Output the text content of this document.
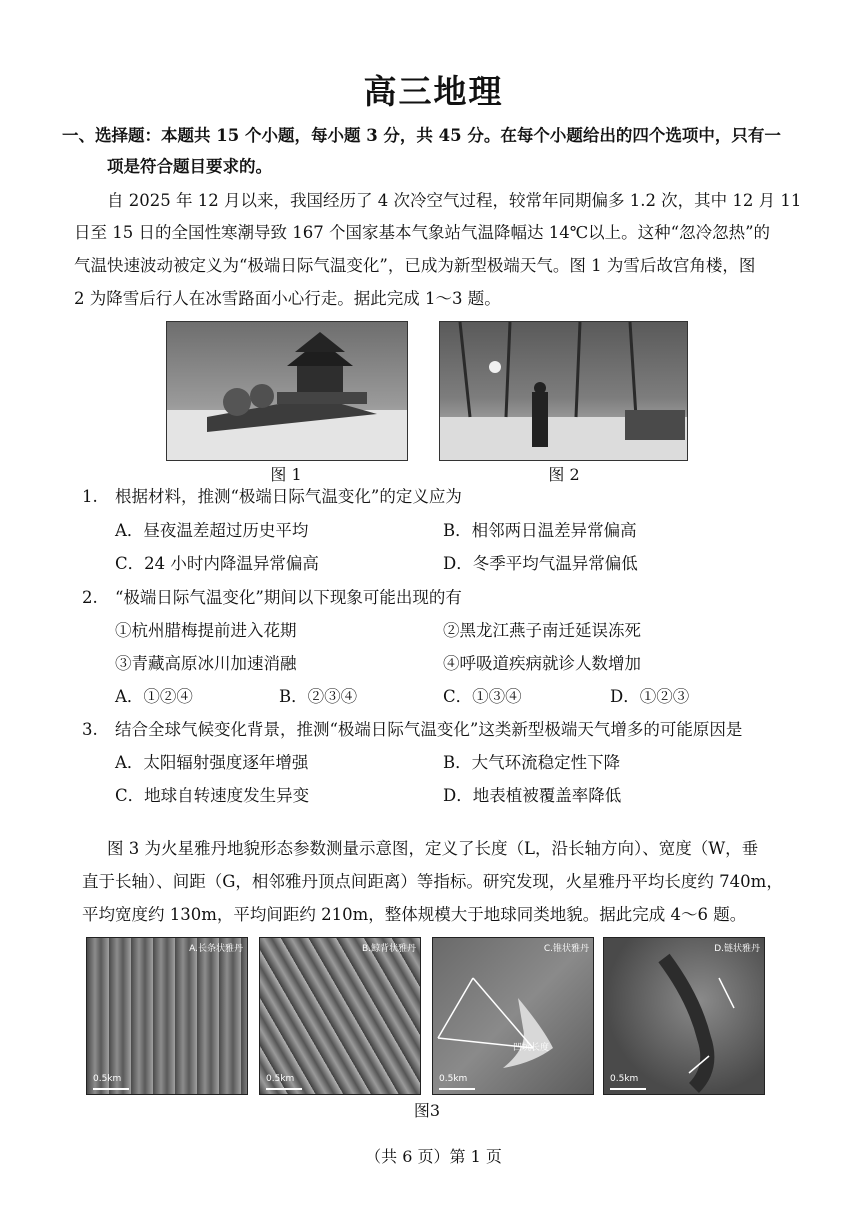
高三地理
一、选择题：本题共 15 个小题，每小题 3 分，共 45 分。在每个小题给出的四个选项中，只有一
项是符合题目要求的。
自 2025 年 12 月以来，我国经历了 4 次冷空气过程，较常年同期偏多 1.2 次，其中 12 月 11
日至 15 日的全国性寒潮导致 167 个国家基本气象站气温降幅达 14℃以上。这种“忽冷忽热”的
气温快速波动被定义为“极端日际气温变化”，已成为新型极端天气。图 1 为雪后故宫角楼，图
2 为降雪后行人在冰雪路面小心行走。据此完成 1～3 题。
图 1	图 2
1. 根据材料，推测“极端日际气温变化”的定义应为
A．昼夜温差超过历史平均	B．相邻两日温差异常偏高
C．24 小时内降温异常偏高	D．冬季平均气温异常偏低
2. “极端日际气温变化”期间以下现象可能出现的有
①杭州腊梅提前进入花期	②黑龙江燕子南迁延误冻死
③青藏高原冰川加速消融	④呼吸道疾病就诊人数增加
A．①②④	B．②③④	C．①③④	D．①②③
3. 结合全球气候变化背景，推测“极端日际气温变化”这类新型极端天气增多的可能原因是
A．太阳辐射强度逐年增强	B．大气环流稳定性下降
C．地球自转速度发生异变	D．地表植被覆盖率降低
图 3 为火星雅丹地貌形态参数测量示意图，定义了长度（L，沿长轴方向）、宽度（W，垂
直于长轴）、间距（G，相邻雅丹顶点间距离）等指标。研究发现，火星雅丹平均长度约 740m，
平均宽度约 130m，平均间距约 210m，整体规模大于地球同类地貌。据此完成 4～6 题。
A.长条状雅丹
0.5km
B.鲸背状雅丹
0.5km
C.锥状雅丹
凹坑长度
0.5km
D.链状雅丹
0.5km
图3
（共 6 页）第 1 页
